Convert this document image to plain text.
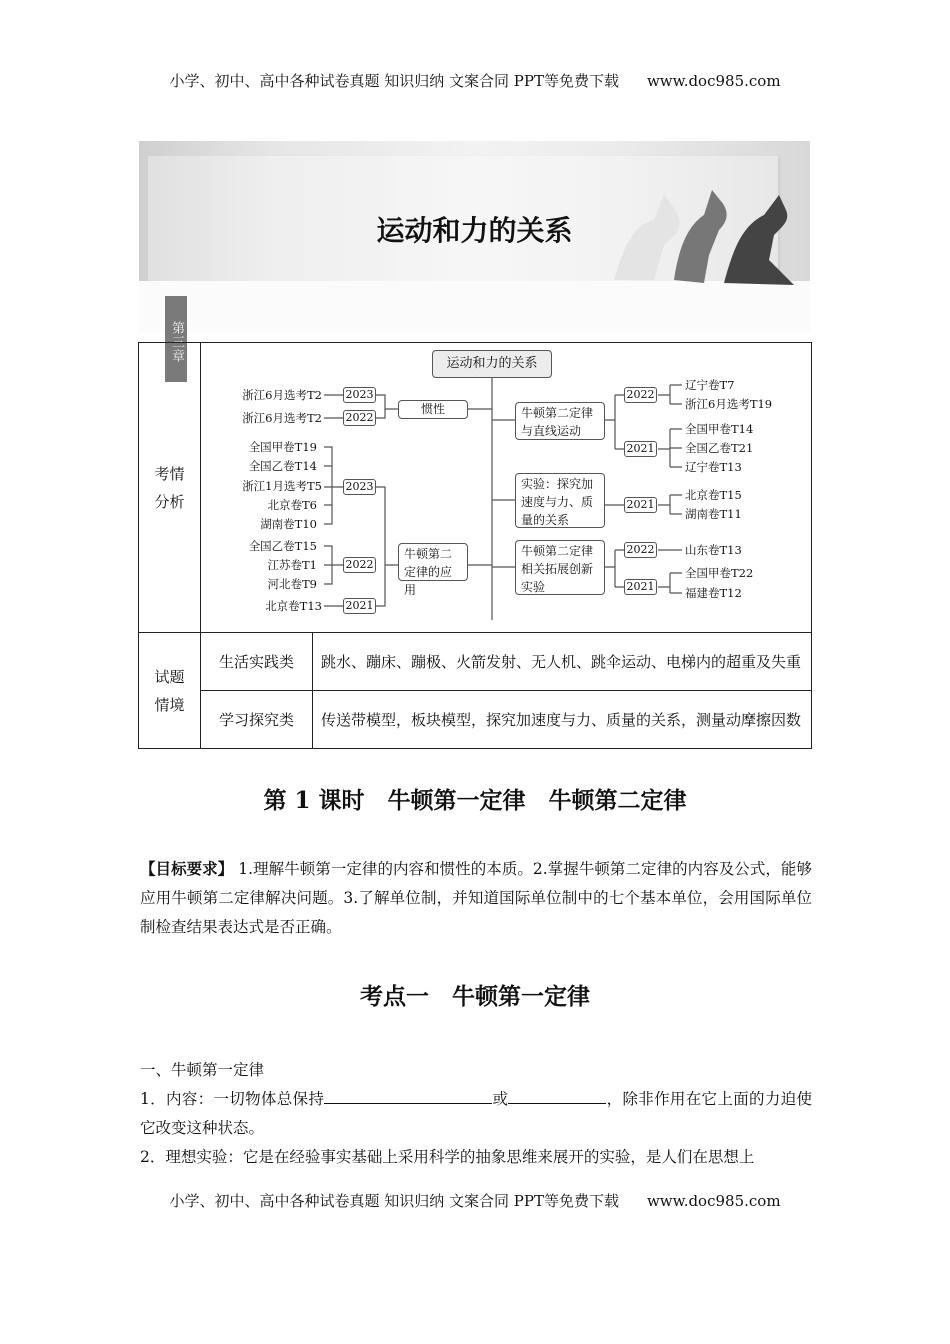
小学、初中、高中各种试卷真题 知识归纳 文案合同 PPT等免费下载 www.doc985.com
第三章
运动和力的关系
考情分析		

试题情境	生活实践类	跳水、蹦床、蹦极、火箭发射、无人机、跳伞运动、电梯内的超重及失重
	学习探究类	传送带模型，板块模型，探究加速度与力、质量的关系，测量动摩擦因数
运动和力的关系
惯性
牛顿第二定律的应用
牛顿第二定律与直线运动
实验：探究加速度与力、质量的关系
牛顿第二定律相关拓展创新实验
2023
2022
2023
2022
2021
2022
2021
2021
2022
2021
浙江6月选考T2
浙江6月选考T2
全国甲卷T19
全国乙卷T14
浙江1月选考T5
北京卷T6
湖南卷T10
全国乙卷T15
江苏卷T1
河北卷T9
北京卷T13
辽宁卷T7
浙江6月选考T19
全国甲卷T14
全国乙卷T21
辽宁卷T13
北京卷T15
湖南卷T11
山东卷T13
全国甲卷T22
福建卷T12
第 1 课时　牛顿第一定律　牛顿第二定律
【目标要求】 1.理解牛顿第一定律的内容和惯性的本质。2.掌握牛顿第二定律的内容及公式，能够应用牛顿第二定律解决问题。3.了解单位制，并知道国际单位制中的七个基本单位，会用国际单位制检查结果表达式是否正确。
考点一　牛顿第一定律
一、牛顿第一定律
1．内容：一切物体总保持	或	，除非作用在它上面的力迫使它改变这种状态。
2．理想实验：它是在经验事实基础上采用科学的抽象思维来展开的实验，是人们在思想上
小学、初中、高中各种试卷真题 知识归纳 文案合同 PPT等免费下载 www.doc985.com
